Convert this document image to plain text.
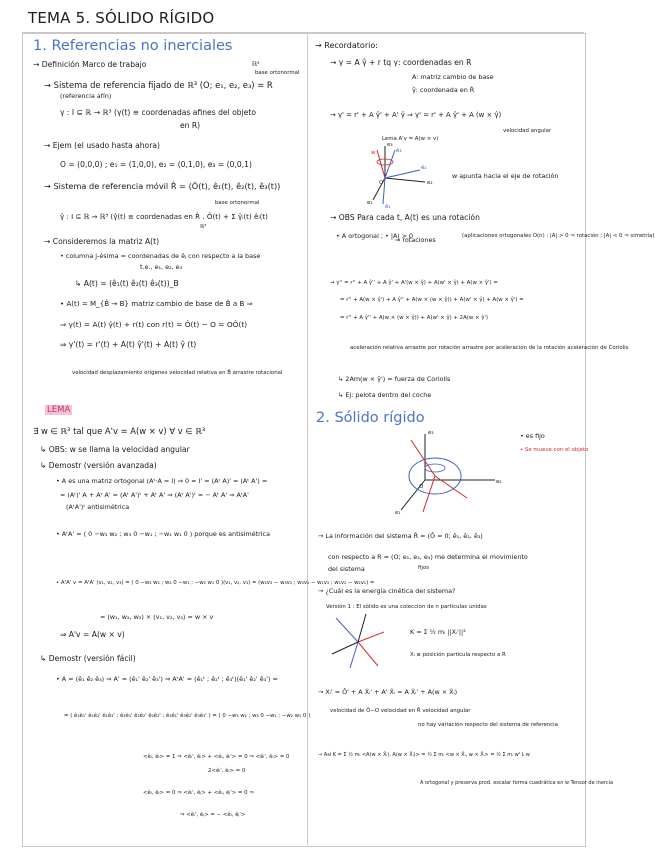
TEMA 5. SÓLIDO RÍGIDO
1. Referencias no inerciales
→ Definición Marco de trabajo	ℝ³
base ortonormal
→ Sistema de referencia fijado de ℝ³ (O; e₁, e₂, e₃) = R
(referencia afín)
γ : I ⊆ ℝ → ℝ³ (γ(t) ≡ coordenadas afines del objeto
en R)
→ Ejem (el usado hasta ahora)
O = (0,0,0) ; e₁ = (1,0,0), e₂ = (0,1,0), e₃ = (0,0,1)
→ Sistema de referencia móvil R̂ = (Ô(t), ê₁(t), ê₂(t), ê₃(t))
γ̂ : I ⊆ ℝ → ℝ³ (γ̂(t) ≡ coordenadas en R̂ . Ô(t) + Σ γ̂ᵢ(t) êᵢ(t)
base ortonormal
ℝ³
→ Consideremos la matriz A(t)
• columna j-ésima = coordenadas de êⱼ con respecto a la base
t.e., e₁, e₂, e₃
↳ A(t) = (ê₁(t) ê₂(t) ê₃(t))_B
• A(t) = M_{B̂ → B} matriz cambio de base de B̂ a B ⇒
⇒ γ(t) = A(t) γ̂(t) + r(t) con r(t) = Ô(t) − O = OÔ(t)
⇒ γ'(t) = r'(t) + A(t) γ̂'(t) + A(t) γ̂ (t)
velocidad desplazamiento orígenes velocidad relativa en B̂ arrastre rotacional
LEMA
∃ w ∈ ℝ³ tal que A'v = A(w × v) ∀ v ∈ ℝ³
↳ OBS: w se llama la velocidad angular
↳ Demostr (versión avanzada)
• A es una matriz ortogonal (Aᵗ·A = I) ⇒ 0 = I' = (Aᵗ A)' = (Aᵗ A') =
= (Aᵗ)' A + Aᵗ A' = (Aᵗ A')ᵗ + Aᵗ A' ⇒ (Aᵗ A')ᵗ = − Aᵗ A' ⇒ AᵗA'
(AᵗA')ᵗ antisimétrica
• AᵗA' = ( 0 −w₃ w₂ ; w₃ 0 −w₁ ; −w₂ w₁ 0 ) porque es antisimétrica
• AᵗA' v = AᵗA' (v₁, v₂, v₃) = ( 0 −w₃ w₂ ; w₃ 0 −w₁ ; −w₂ w₁ 0 )(v₁, v₂, v₃) = (w₂v₃ − w₃v₂ ; w₃v₁ − w₁v₃ ; w₁v₂ − w₂v₁) =
= (w₁, w₂, w₃) × (v₁, v₂, v₃) = w × v
⇒ A'v = A(w × v)
↳ Demostr (versión fácil)
• A = (ê₁ ê₂ ê₃) ⇒ A' = (ê₁' ê₂' ê₃') ⇒ AᵗA' = (ê₁ᵗ ; ê₂ᵗ ; ê₃ᵗ)(ê₁' ê₂' ê₃') =
= ( ê₁ê₁' ê₁ê₂' ê₁ê₃' ; ê₂ê₁' ê₂ê₂' ê₂ê₃' ; ê₃ê₁' ê₃ê₂' ê₃ê₃' ) = ( 0 −w₃ w₂ ; w₃ 0 −w₁ ; −w₂ w₁ 0 )
<êᵢ, êᵢ> = 1 ⇒ <êᵢ', êᵢ> + <êᵢ, êᵢ'> = 0 ⇒ <êᵢ', êᵢ> = 0
2<êᵢ', êᵢ> = 0
<êᵢ, êⱼ> = 0 ⇒ <êᵢ', êⱼ> + <êᵢ, êⱼ'> = 0 ⇒
⇒ <êᵢ', êⱼ> = − <êᵢ, êⱼ'>
→ Recordatorio:
→ γ = A γ̂ + r tq γ: coordenadas en R
A: matriz cambio de base
γ̂: coordenada en R̂
→ γ' = r' + A γ̂' + A' γ̂ ⇒ γ' = r' + A γ̂' + A (w × γ̂)
Lema A'v = A(w × v)
velocidad angular
e₃
ê₃
ê₂
e₂
e₁
ê₁
w
O
w apunta hacia el eje de rotación
→ OBS Para cada t, A(t) es una rotación
• A ortogonal ; • |A| > 0
⇒ rotaciones	(aplicaciones ortogonales O(n) : |A| > 0 ⇒ rotación ; |A| < 0 ⇒ simetría)
→ γ'' = r'' + A γ̂'' + A γ̂' + A'(w × γ̂) + A(w' × γ̂) + A(w × γ̂') =
= r'' + A(w × γ̂') + A γ̂'' + A(w × (w × γ̂)) + A(w' × γ̂) + A(w × γ̂') =
= r'' + A γ̂'' + A(w × (w × γ̂)) + A(w' × γ̂) + 2A(w × γ̂')
aceleración relativa arrastre por rotación arrastre por aceleración de la rotación aceleración de Coriolis
↳ 2Am(w × γ̂') = fuerza de Coriolis
↳ Ej: pelota dentro del coche
2. Sólido rígido
e₃
e₂
e₁
O
• es fijo
• Se mueve con el objeto
→ La información del sistema R̂ = (Ô = 0; ê₁, ê₂, ê₃)
con respecto a R = (O; e₁, e₂, e₃) me determina el movimiento
del sistema	fijos
→ ¿Cuál es la energía cinética del sistema?
Versión 1 : El sólido es una colección de n partículas unidas
K = Σ ½ mᵢ ||Xᵢ'||²
Xᵢ ≡ posición partícula respecto a R
→ Xᵢ' = Ô' + A X̂ᵢ' + A' X̂ᵢ = A X̂ᵢ' + A(w × X̂ᵢ)
velocidad de Ô−O velocidad en R̂ velocidad angular
no hay variación respecto del sistema de referencia
→ Así K = Σ ½ mᵢ <A(w × X̂ᵢ), A(w × X̂ᵢ)> = ½ Σ mᵢ <w × X̂ᵢ, w × X̂ᵢ> = ½ Σ mᵢ wᵗ Iᵢ w
A ortogonal y preserva prod. escalar forma cuadrática en w Tensor de inercia
